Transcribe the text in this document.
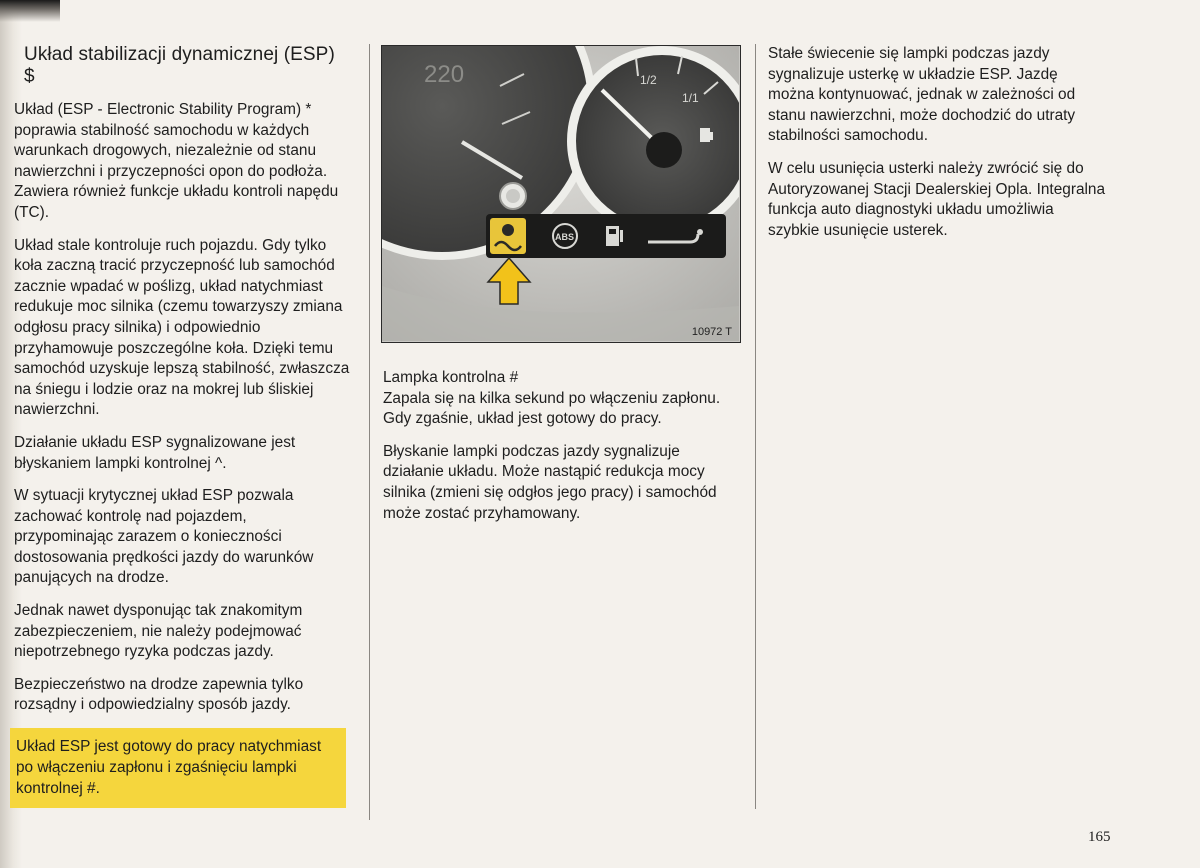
Układ stabilizacji dynamicznej (ESP) $

Układ (ESP - Electronic Stability Program) * poprawia stabilność samochodu w każdych warunkach drogowych, niezależnie od stanu nawierzchni i przyczepności opon do podłoża. Zawiera również funkcje układu kontroli napędu (TC).

Układ stale kontroluje ruch pojazdu. Gdy tylko koła zaczną tracić przyczepność lub samochód zacznie wpadać w poślizg, układ natychmiast redukuje moc silnika (czemu towarzyszy zmiana odgłosu pracy silnika) i odpowiednio przyhamowuje poszczególne koła. Dzięki temu samochód uzyskuje lepszą stabilność, zwłaszcza na śniegu i lodzie oraz na mokrej lub śliskiej nawierzchni.

Działanie układu ESP sygnalizowane jest błyskaniem lampki kontrolnej ^.

W sytuacji krytycznej układ ESP pozwala zachować kontrolę nad pojazdem, przypominając zarazem o konieczności dostosowania prędkości jazdy do warunków panujących na drodze.

Jednak nawet dysponując tak znakomitym zabezpieczeniem, nie należy podejmować niepotrzebnego ryzyka podczas jazdy.

Bezpieczeństwo na drodze zapewnia tylko rozsądny i odpowiedzialny sposób jazdy.

Układ ESP jest gotowy do pracy natychmiast po włączeniu zapłonu i zgaśnięciu lampki kontrolnej #.
220	1/2
1/1
ABS
10972 T

Lampka kontrolna #
Zapala się na kilka sekund po włączeniu zapłonu. Gdy zgaśnie, układ jest gotowy do pracy.

Błyskanie lampki podczas jazdy sygnalizuje działanie układu. Może nastąpić redukcja mocy silnika (zmieni się odgłos jego pracy) i samochód może zostać przyhamowany.

Stałe świecenie się lampki podczas jazdy sygnalizuje usterkę w układzie ESP. Jazdę można kontynuować, jednak w zależności od stanu nawierzchni, może dochodzić do utraty stabilności samochodu.

W celu usunięcia usterki należy zwrócić się do Autoryzowanej Stacji Dealerskiej Opla. Integralna funkcja auto diagnostyki układu umożliwia szybkie usunięcie usterek.

165
